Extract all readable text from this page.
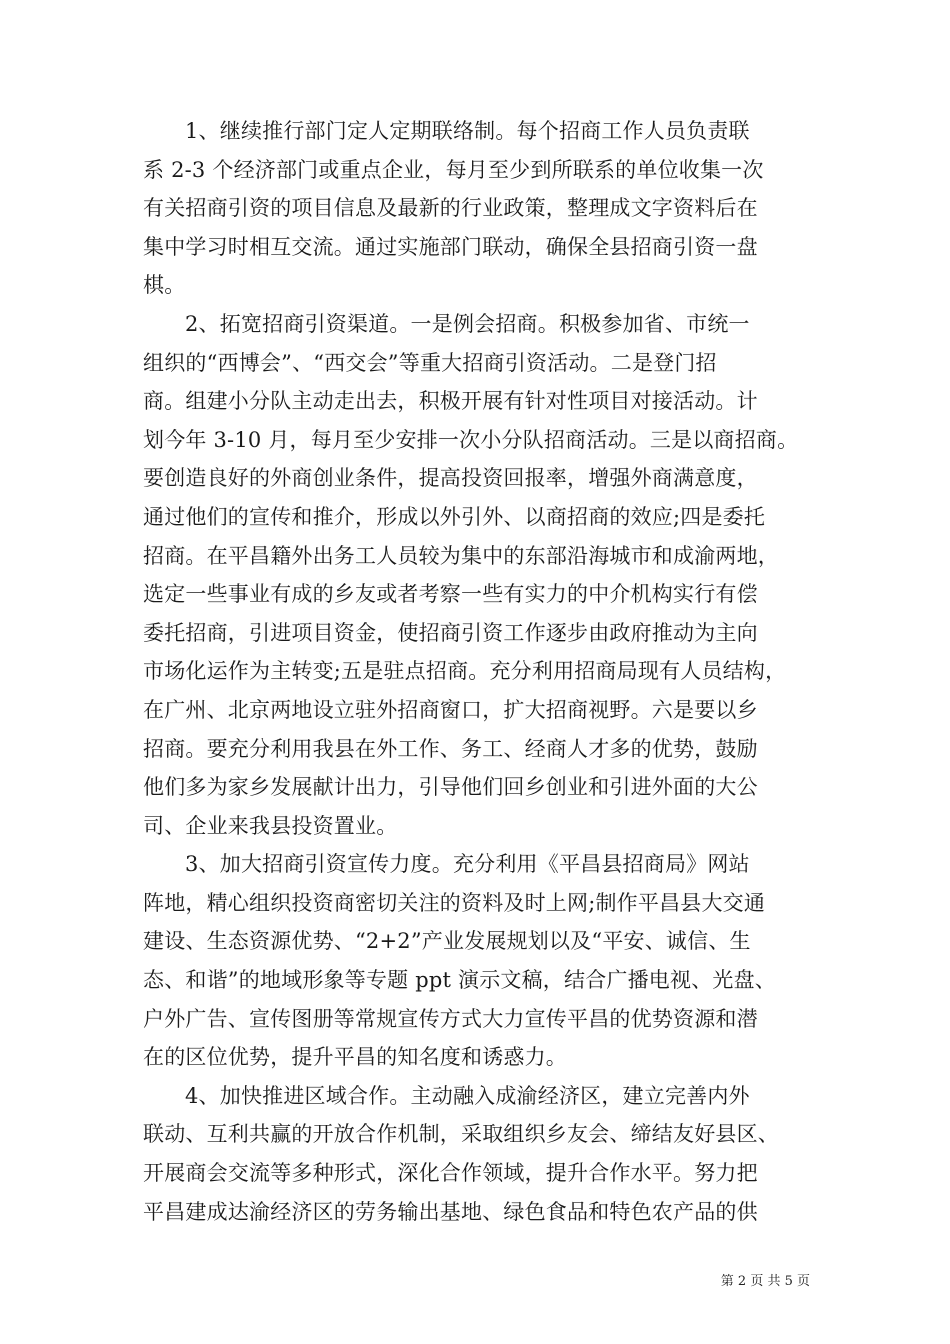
1、继续推行部门定人定期联络制。每个招商工作人员负责联
系 2-3 个经济部门或重点企业，每月至少到所联系的单位收集一次
有关招商引资的项目信息及最新的行业政策，整理成文字资料后在
集中学习时相互交流。通过实施部门联动，确保全县招商引资一盘
棋。
2、拓宽招商引资渠道。一是例会招商。积极参加省、市统一
组织的“西博会”、“西交会”等重大招商引资活动。二是登门招
商。组建小分队主动走出去，积极开展有针对性项目对接活动。计
划今年 3-10 月，每月至少安排一次小分队招商活动。三是以商招商。
要创造良好的外商创业条件，提高投资回报率，增强外商满意度，
通过他们的宣传和推介，形成以外引外、以商招商的效应;四是委托
招商。在平昌籍外出务工人员较为集中的东部沿海城市和成渝两地，
选定一些事业有成的乡友或者考察一些有实力的中介机构实行有偿
委托招商，引进项目资金，使招商引资工作逐步由政府推动为主向
市场化运作为主转变;五是驻点招商。充分利用招商局现有人员结构，
在广州、北京两地设立驻外招商窗口，扩大招商视野。六是要以乡
招商。要充分利用我县在外工作、务工、经商人才多的优势，鼓励
他们多为家乡发展献计出力，引导他们回乡创业和引进外面的大公
司、企业来我县投资置业。
3、加大招商引资宣传力度。充分利用《平昌县招商局》网站
阵地，精心组织投资商密切关注的资料及时上网;制作平昌县大交通
建设、生态资源优势、“2+2”产业发展规划以及“平安、诚信、生
态、和谐”的地域形象等专题 ppt 演示文稿，结合广播电视、光盘、
户外广告、宣传图册等常规宣传方式大力宣传平昌的优势资源和潜
在的区位优势，提升平昌的知名度和诱惑力。
4、加快推进区域合作。主动融入成渝经济区，建立完善内外
联动、互利共赢的开放合作机制，采取组织乡友会、缔结友好县区、
开展商会交流等多种形式，深化合作领域，提升合作水平。努力把
平昌建成达渝经济区的劳务输出基地、绿色食品和特色农产品的供
第 2 页 共 5 页
